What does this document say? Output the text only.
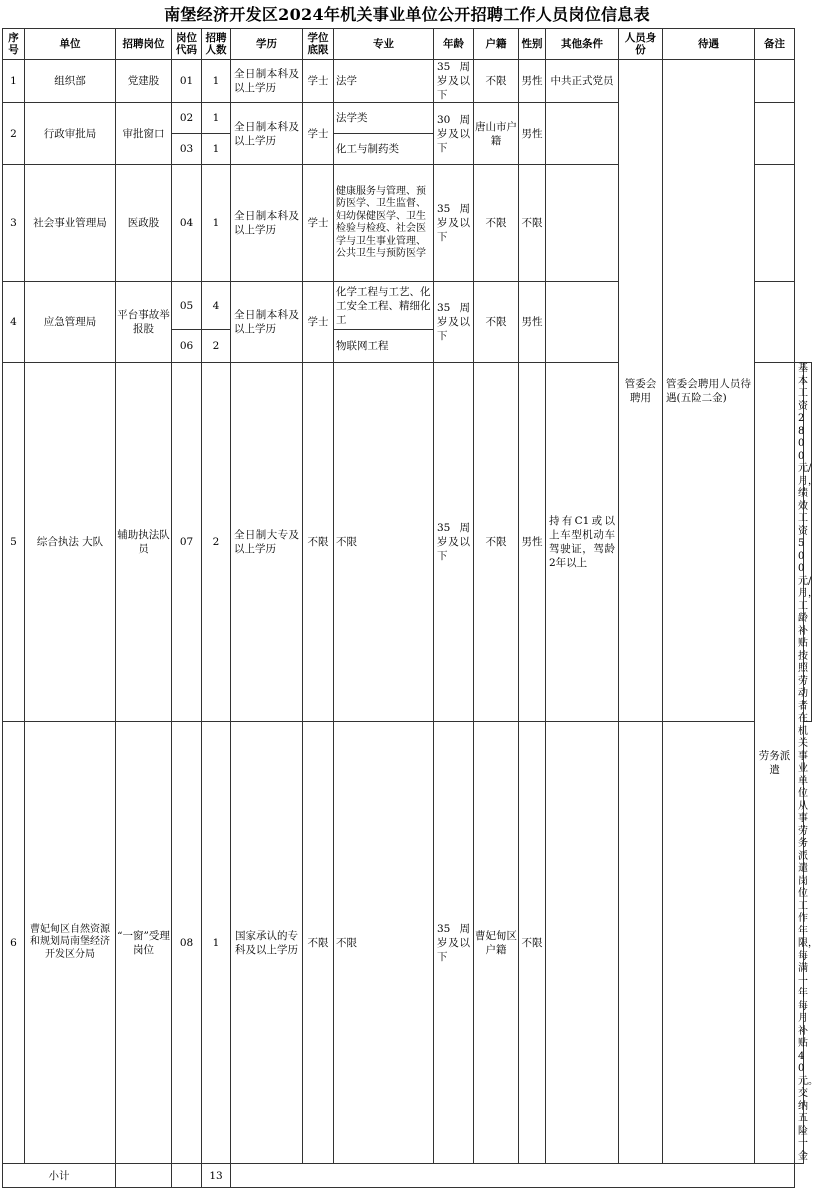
南堡经济开发区2024年机关事业单位公开招聘工作人员岗位信息表
序号	单位	招聘岗位	岗位代码	招聘人数	学历	学位底限	专业	年龄	户籍	性别	其他条件	人员身份	待遇	备注		
1	组织部	党建股	01	1	全日制本科及以上学历	学士	法学	35周岁及以下	不限	男性	中共正式党员	管委会聘用	管委会聘用人员待遇(五险二金)			
2	行政审批局	审批窗口	02	1	全日制本科及以上学历	学士	法学类	30周岁及以下	唐山市户籍	男性						
			03	1			化工与制药类									
3	社会事业管理局	医政股	04	1	全日制本科及以上学历	学士	健康服务与管理、预防医学、卫生监督、妇幼保健医学、卫生检验与检疫、社会医学与卫生事业管理、公共卫生与预防医学	35周岁及以下	不限	不限						
4	应急管理局	平台事故举报股	05	4	全日制本科及以上学历	学士	化学工程与工艺、化工安全工程、精细化工	35周岁及以下	不限	男性						
			06	2			物联网工程									
5	综合执法 大队	辅助执法队员	07	2	全日制大专及以上学历	不限	不限	35周岁及以下	不限	男性	持有C1或以上车型机动车驾驶证，驾龄2年以上			劳务派遣	基本工资2800元/月，绩效工资500元/月，工龄补贴按照劳动者在机关事业单位从事劳务派遣岗位工作年限，每满一年每月补贴40元。交纳五险一金	
6	曹妃甸区自然资源和规划局南堡经济开发区分局	“一窗”受理岗位	08	1	国家承认的专科及以上学历	不限	不限	35周岁及以下	曹妃甸区户籍	不限						
小计				13												
